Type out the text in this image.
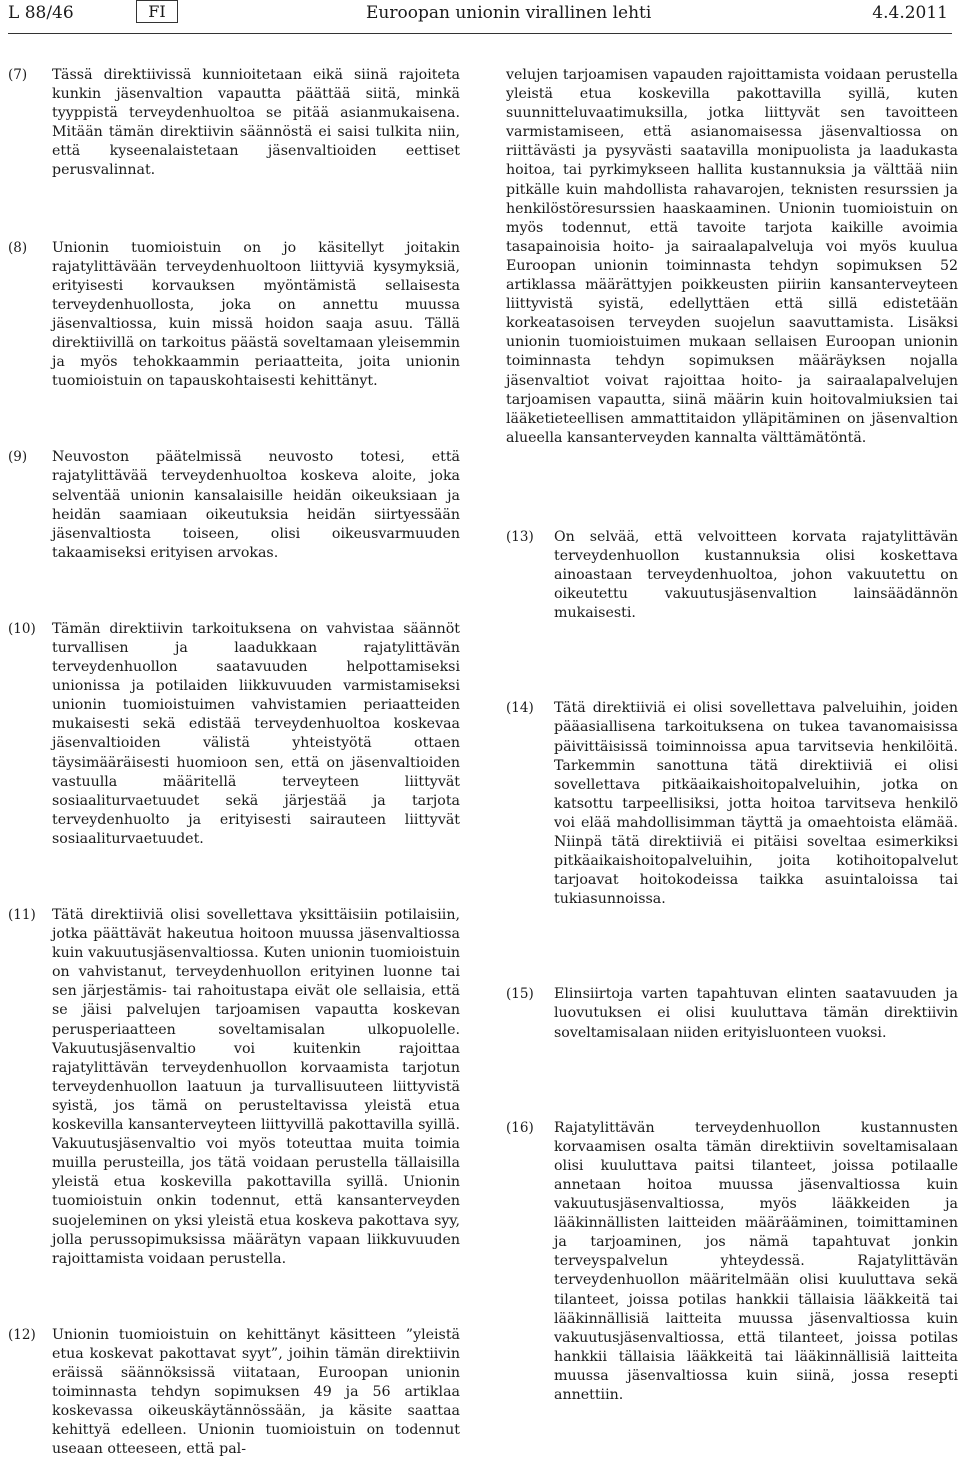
L 88/46	FI	Euroopan unionin virallinen lehti	4.4.2011
(7)	Tässä direktiivissä kunnioitetaan eikä siinä rajoiteta kunkin jäsenvaltion vapautta päättää siitä, minkä tyyppistä terveydenhuoltoa se pitää asianmukaisena. Mitään tämän direktiivin säännöstä ei saisi tulkita niin, että kyseenalaistetaan jäsenvaltioiden eettiset perusvalinnat.
(8)	Unionin tuomioistuin on jo käsitellyt joitakin rajatylittävään terveydenhuoltoon liittyviä kysymyksiä, erityisesti korvauksen myöntämistä sellaisesta terveydenhuollosta, joka on annettu muussa jäsenvaltiossa, kuin missä hoidon saaja asuu. Tällä direktiivillä on tarkoitus päästä soveltamaan yleisemmin ja myös tehokkaammin periaatteita, joita unionin tuomioistuin on tapauskohtaisesti kehittänyt.
(9)	Neuvoston päätelmissä neuvosto totesi, että rajatylittävää terveydenhuoltoa koskeva aloite, joka selventää unionin kansalaisille heidän oikeuksiaan ja heidän saamiaan oikeutuksia heidän siirtyessään jäsenvaltiosta toiseen, olisi oikeusvarmuuden takaamiseksi erityisen arvokas.
(10)	Tämän direktiivin tarkoituksena on vahvistaa säännöt turvallisen ja laadukkaan rajatylittävän terveydenhuollon saatavuuden helpottamiseksi unionissa ja potilaiden liikkuvuuden varmistamiseksi unionin tuomioistuimen vahvistamien periaatteiden mukaisesti sekä edistää terveydenhuoltoa koskevaa jäsenvaltioiden välistä yhteistyötä ottaen täysimääräisesti huomioon sen, että on jäsenvaltioiden vastuulla määritellä terveyteen liittyvät sosiaaliturvaetuudet sekä järjestää ja tarjota terveydenhuolto ja erityisesti sairauteen liittyvät sosiaaliturvaetuudet.
(11)	Tätä direktiiviä olisi sovellettava yksittäisiin potilaisiin, jotka päättävät hakeutua hoitoon muussa jäsenvaltiossa kuin vakuutusjäsenvaltiossa. Kuten unionin tuomioistuin on vahvistanut, terveydenhuollon erityinen luonne tai sen järjestämis- tai rahoitustapa eivät ole sellaisia, että se jäisi palvelujen tarjoamisen vapautta koskevan perusperiaatteen soveltamisalan ulkopuolelle. Vakuutusjäsenvaltio voi kuitenkin rajoittaa rajatylittävän terveydenhuollon korvaamista tarjotun terveydenhuollon laatuun ja turvallisuuteen liittyvistä syistä, jos tämä on perusteltavissa yleistä etua koskevilla kansanterveyteen liittyvillä pakottavilla syillä. Vakuutusjäsenvaltio voi myös toteuttaa muita toimia muilla perusteilla, jos tätä voidaan perustella tällaisilla yleistä etua koskevilla pakottavilla syillä. Unionin tuomioistuin onkin todennut, että kansanterveyden suojeleminen on yksi yleistä etua koskeva pakottava syy, jolla perussopimuksissa määrätyn vapaan liikkuvuuden rajoittamista voidaan perustella.
(12)	Unionin tuomioistuin on kehittänyt käsitteen ”yleistä etua koskevat pakottavat syyt”, joihin tämän direktiivin eräissä säännöksissä viitataan, Euroopan unionin toiminnasta tehdyn sopimuksen 49 ja 56 artiklaa koskevassa oikeuskäytännössään, ja käsite saattaa kehittyä edelleen. Unionin tuomioistuin on todennut useaan otteeseen, että pal-
velujen tarjoamisen vapauden rajoittamista voidaan perustella yleistä etua koskevilla pakottavilla syillä, kuten suunnitteluvaatimuksilla, jotka liittyvät sen tavoitteen varmistamiseen, että asianomaisessa jäsenvaltiossa on riittävästi ja pysyvästi saatavilla monipuolista ja laadukasta hoitoa, tai pyrkimykseen hallita kustannuksia ja välttää niin pitkälle kuin mahdollista rahavarojen, teknisten resurssien ja henkilöstöresurssien haaskaaminen. Unionin tuomioistuin on myös todennut, että tavoite tarjota kaikille avoimia tasapainoisia hoito- ja sairaalapalveluja voi myös kuulua Euroopan unionin toiminnasta tehdyn sopimuksen 52 artiklassa määrättyjen poikkeusten piiriin kansanterveyteen liittyvistä syistä, edellyttäen että sillä edistetään korkeatasoisen terveyden suojelun saavuttamista. Lisäksi unionin tuomioistuimen mukaan sellaisen Euroopan unionin toiminnasta tehdyn sopimuksen määräyksen nojalla jäsenvaltiot voivat rajoittaa hoito- ja sairaalapalvelujen tarjoamisen vapautta, siinä määrin kuin hoitovalmiuksien tai lääketieteellisen ammattitaidon ylläpitäminen on jäsenvaltion alueella kansanterveyden kannalta välttämätöntä.
(13)	On selvää, että velvoitteen korvata rajatylittävän terveydenhuollon kustannuksia olisi koskettava ainoastaan terveydenhuoltoa, johon vakuutettu on oikeutettu vakuutusjäsenvaltion lainsäädännön mukaisesti.
(14)	Tätä direktiiviä ei olisi sovellettava palveluihin, joiden pääasiallisena tarkoituksena on tukea tavanomaisissa päivittäisissä toiminnoissa apua tarvitsevia henkilöitä. Tarkemmin sanottuna tätä direktiiviä ei olisi sovellettava pitkäaikaishoitopalveluihin, jotka on katsottu tarpeellisiksi, jotta hoitoa tarvitseva henkilö voi elää mahdollisimman täyttä ja omaehtoista elämää. Niinpä tätä direktiiviä ei pitäisi soveltaa esimerkiksi pitkäaikaishoitopalveluihin, joita kotihoitopalvelut tarjoavat hoitokodeissa taikka asuintaloissa tai tukiasunnoissa.
(15)	Elinsiirtoja varten tapahtuvan elinten saatavuuden ja luovutuksen ei olisi kuuluttava tämän direktiivin soveltamisalaan niiden erityisluonteen vuoksi.
(16)	Rajatylittävän terveydenhuollon kustannusten korvaamisen osalta tämän direktiivin soveltamisalaan olisi kuuluttava paitsi tilanteet, joissa potilaalle annetaan hoitoa muussa jäsenvaltiossa kuin vakuutusjäsenvaltiossa, myös lääkkeiden ja lääkinnällisten laitteiden määrääminen, toimittaminen ja tarjoaminen, jos nämä tapahtuvat jonkin terveyspalvelun yhteydessä. Rajatylittävän terveydenhuollon määritelmään olisi kuuluttava sekä tilanteet, joissa potilas hankkii tällaisia lääkkeitä tai lääkinnällisiä laitteita muussa jäsenvaltiossa kuin vakuutusjäsenvaltiossa, että tilanteet, joissa potilas hankkii tällaisia lääkkeitä tai lääkinnällisiä laitteita muussa jäsenvaltiossa kuin siinä, jossa resepti annettiin.
